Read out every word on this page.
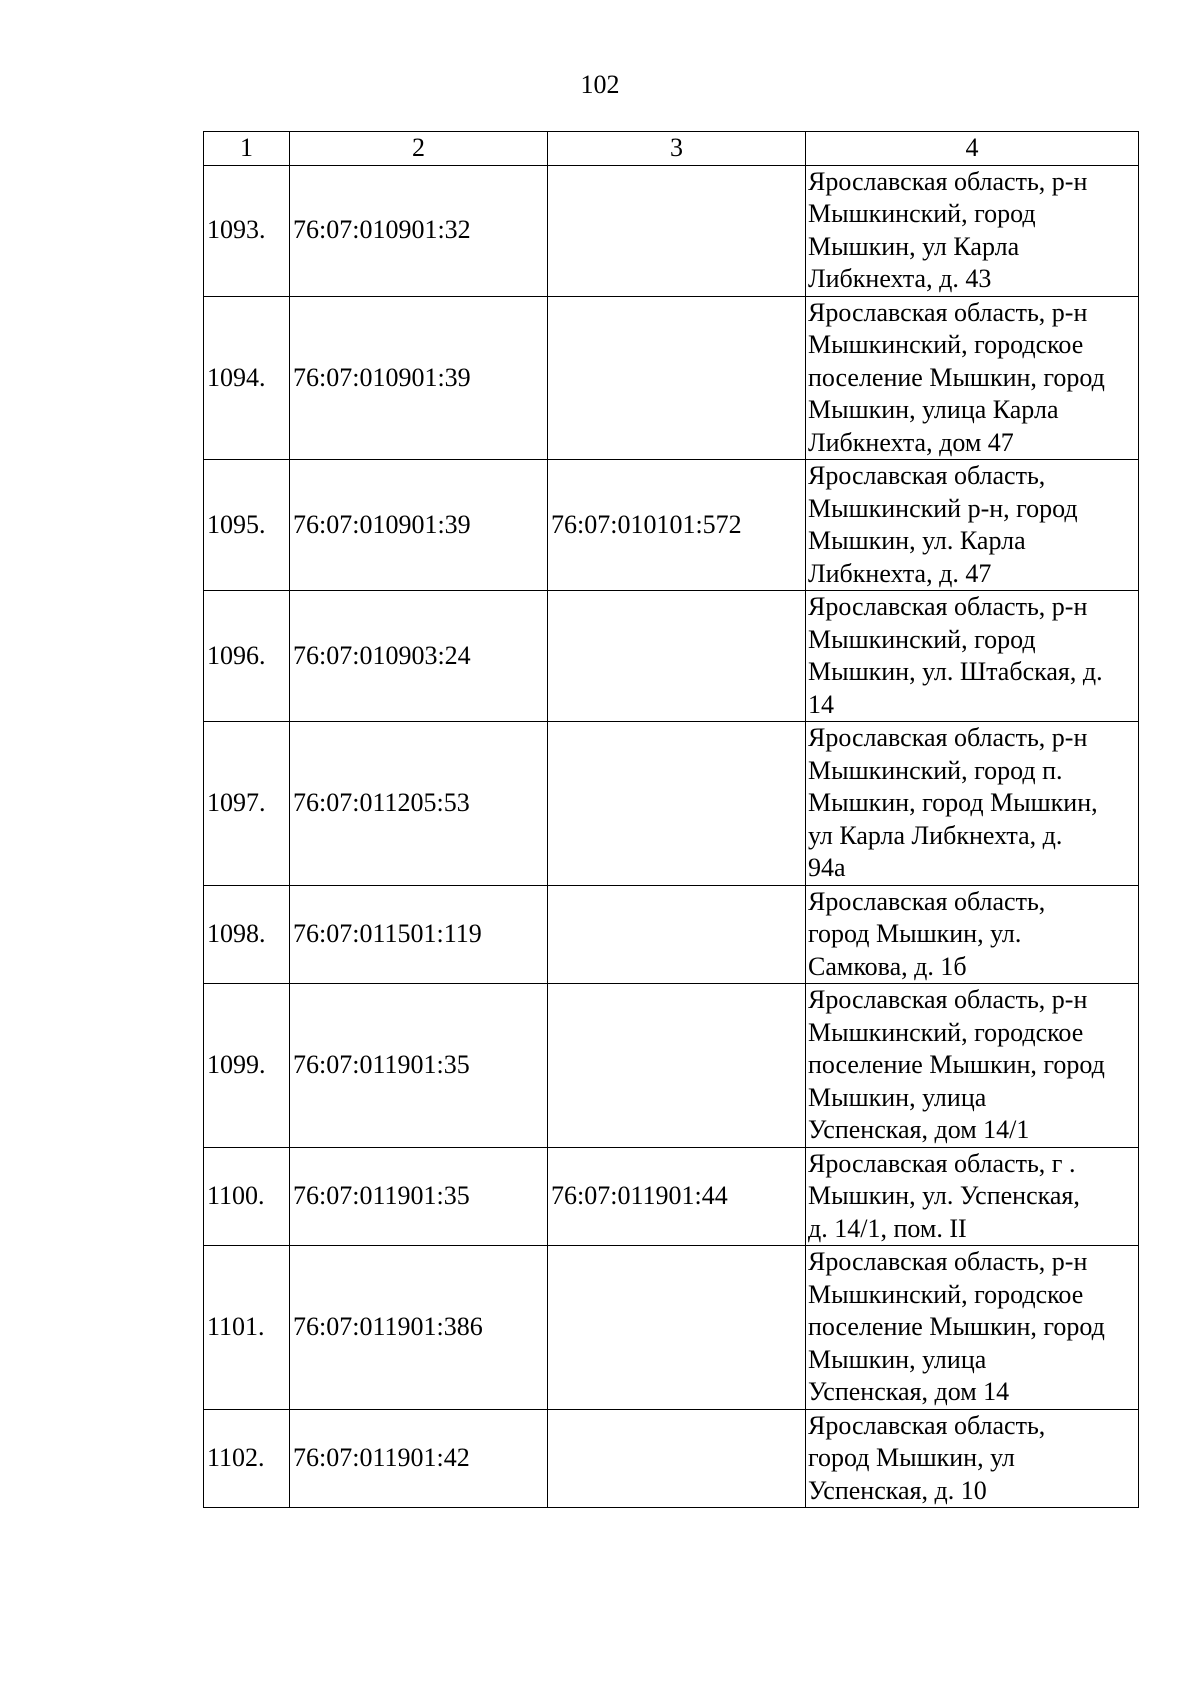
102
1	2	3	4
1093.	76:07:010901:32		Ярославская область, р-н
Мышкинский, город
Мышкин, ул Карла
Либкнехта, д. 43

1094.	76:07:010901:39		Ярославская область, р-н
Мышкинский, городское
поселение Мышкин, город
Мышкин, улица Карла
Либкнехта, дом 47

1095.	76:07:010901:39	76:07:010101:572	Ярославская область,
Мышкинский р-н, город
Мышкин, ул. Карла
Либкнехта, д. 47

1096.	76:07:010903:24		Ярославская область, р-н
Мышкинский, город
Мышкин, ул. Штабская, д.
14

1097.	76:07:011205:53		Ярославская область, р-н
Мышкинский, город п.
Мышкин, город Мышкин,
ул Карла Либкнехта, д.
94а

1098.	76:07:011501:119		Ярославская область,
город Мышкин, ул.
Самкова, д. 1б

1099.	76:07:011901:35		Ярославская область, р-н
Мышкинский, городское
поселение Мышкин, город
Мышкин, улица
Успенская, дом 14/1

1100.	76:07:011901:35	76:07:011901:44	Ярославская область, г .
Мышкин, ул. Успенская,
д. 14/1, пом. II

1101.	76:07:011901:386		Ярославская область, р-н
Мышкинский, городское
поселение Мышкин, город
Мышкин, улица
Успенская, дом 14

1102.	76:07:011901:42		Ярославская область,
город Мышкин, ул
Успенская, д. 10
